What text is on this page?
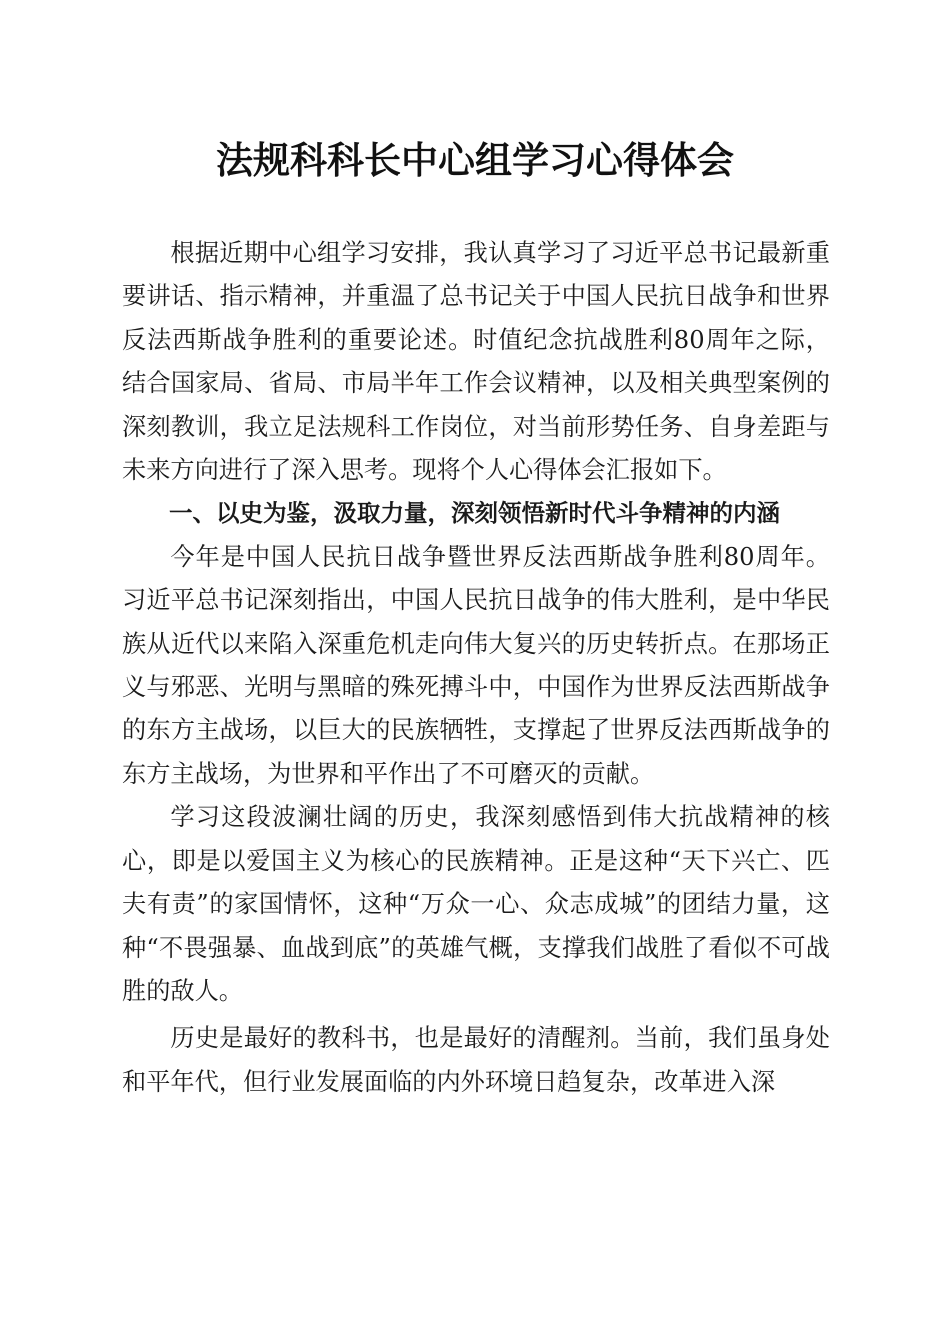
法规科科长中心组学习心得体会

根据近期中心组学习安排，我认真学习了习近平总书记最新重要讲话、指示精神，并重温了总书记关于中国人民抗日战争和世界反法西斯战争胜利的重要论述。时值纪念抗战胜利80周年之际，结合国家局、省局、市局半年工作会议精神，以及相关典型案例的深刻教训，我立足法规科工作岗位，对当前形势任务、自身差距与未来方向进行了深入思考。现将个人心得体会汇报如下。

一、以史为鉴，汲取力量，深刻领悟新时代斗争精神的内涵

今年是中国人民抗日战争暨世界反法西斯战争胜利80周年。习近平总书记深刻指出，中国人民抗日战争的伟大胜利，是中华民族从近代以来陷入深重危机走向伟大复兴的历史转折点。在那场正义与邪恶、光明与黑暗的殊死搏斗中，中国作为世界反法西斯战争的东方主战场，以巨大的民族牺牲，支撑起了世界反法西斯战争的东方主战场，为世界和平作出了不可磨灭的贡献。

学习这段波澜壮阔的历史，我深刻感悟到伟大抗战精神的核心，即是以爱国主义为核心的民族精神。正是这种“天下兴亡、匹夫有责”的家国情怀，这种“万众一心、众志成城”的团结力量，这种“不畏强暴、血战到底”的英雄气概，支撑我们战胜了看似不可战胜的敌人。

历史是最好的教科书，也是最好的清醒剂。当前，我们虽身处和平年代，但行业发展面临的内外环境日趋复杂，改革进入深
